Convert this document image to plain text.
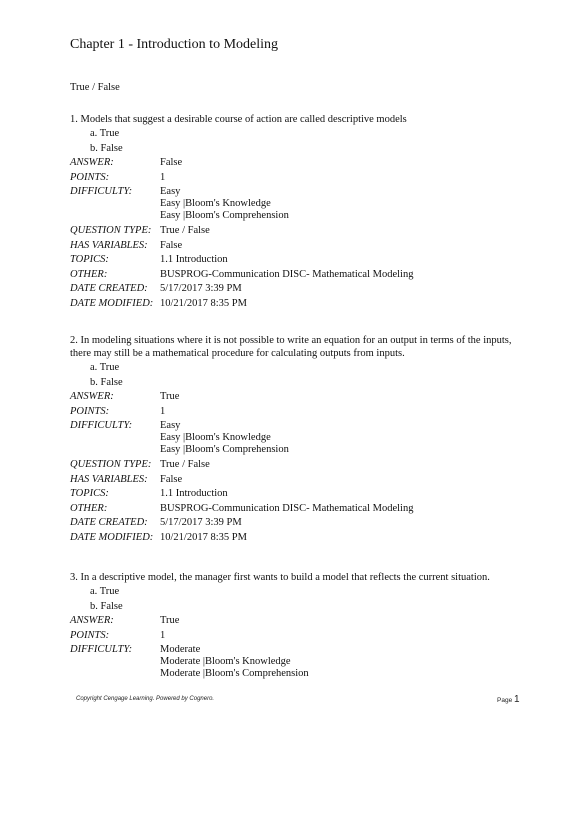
Chapter 1 - Introduction to Modeling
True / False

1. Models that suggest a desirable course of action are called descriptive models

a. True
b. False
ANSWER:	False
POINTS:	1
DIFFICULTY:	Easy
Easy |Bloom's Knowledge
Easy |Bloom's Comprehension
QUESTION TYPE: True / False
HAS VARIABLES:	False
TOPICS:	1.1 Introduction
OTHER:	BUSPROG-Communication DISC- Mathematical Modeling
DATE CREATED:	5/17/2017 3:39 PM
DATE MODIFIED: 10/21/2017 8:35 PM

2. In modeling situations where it is not possible to write an equation for an output in terms of the inputs, there may still be a mathematical procedure for calculating outputs from inputs.

a. True
b. False
ANSWER:	True
POINTS:	1
DIFFICULTY:	Easy
Easy |Bloom's Knowledge
Easy |Bloom's Comprehension
QUESTION TYPE: True / False
HAS VARIABLES:	False
TOPICS:	1.1 Introduction
OTHER:	BUSPROG-Communication DISC- Mathematical Modeling
DATE CREATED:	5/17/2017 3:39 PM
DATE MODIFIED: 10/21/2017 8:35 PM

3. In a descriptive model, the manager first wants to build a model that reflects the current situation.

a. True
b. False
ANSWER:	True
POINTS:	1
DIFFICULTY:	Moderate
Moderate |Bloom's Knowledge
Moderate |Bloom's Comprehension
Copyright Cengage Learning. Powered by Cognero.	Page 1
